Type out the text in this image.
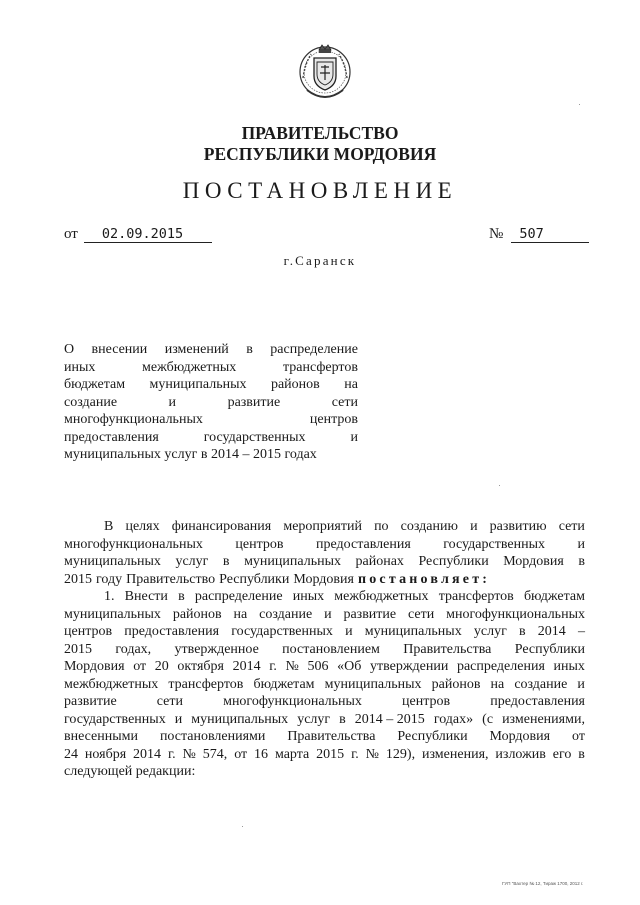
ПРАВИТЕЛЬСТВО
РЕСПУБЛИКИ МОРДОВИЯ
ПОСТАНОВЛЕНИЕ
от 02.09.2015	№ 507
г.Саранск
О внесении изменений в распределение
иных	межбюджетных	трансфертов
бюджетам муниципальных районов на
создание	и	развитие	сети
многофункциональных	центров
предоставления	государственных	и
муниципальных услуг в 2014 – 2015 годах
В целях финансирования мероприятий по созданию и развитию сети
многофункциональных центров предоставления государственных и
муниципальных услуг в муниципальных районах Республики Мордовия в
2015 году Правительство Республики Мордовия постановляет:
1. Внести в распределение иных межбюджетных трансфертов бюджетам
муниципальных районов на создание и развитие сети многофункциональных
центров предоставления государственных и муниципальных услуг в 2014 –
2015 годах, утвержденное постановлением Правительства Республики
Мордовия от 20 октября 2014 г. № 506 «Об утверждении распределения иных
межбюджетных трансфертов бюджетам муниципальных районов на создание и
развитие	сети	многофункциональных	центров	предоставления
государственных и муниципальных услуг в 2014 – 2015 годах» (с изменениями,
внесенными постановлениями Правительства Республики Мордовия от
24 ноября 2014 г. № 574, от 16 марта 2015 г. № 129), изменения, изложив его в
следующей редакции:
ГУП "Вахтер № 12, Тираж 1700, 2012 г.
